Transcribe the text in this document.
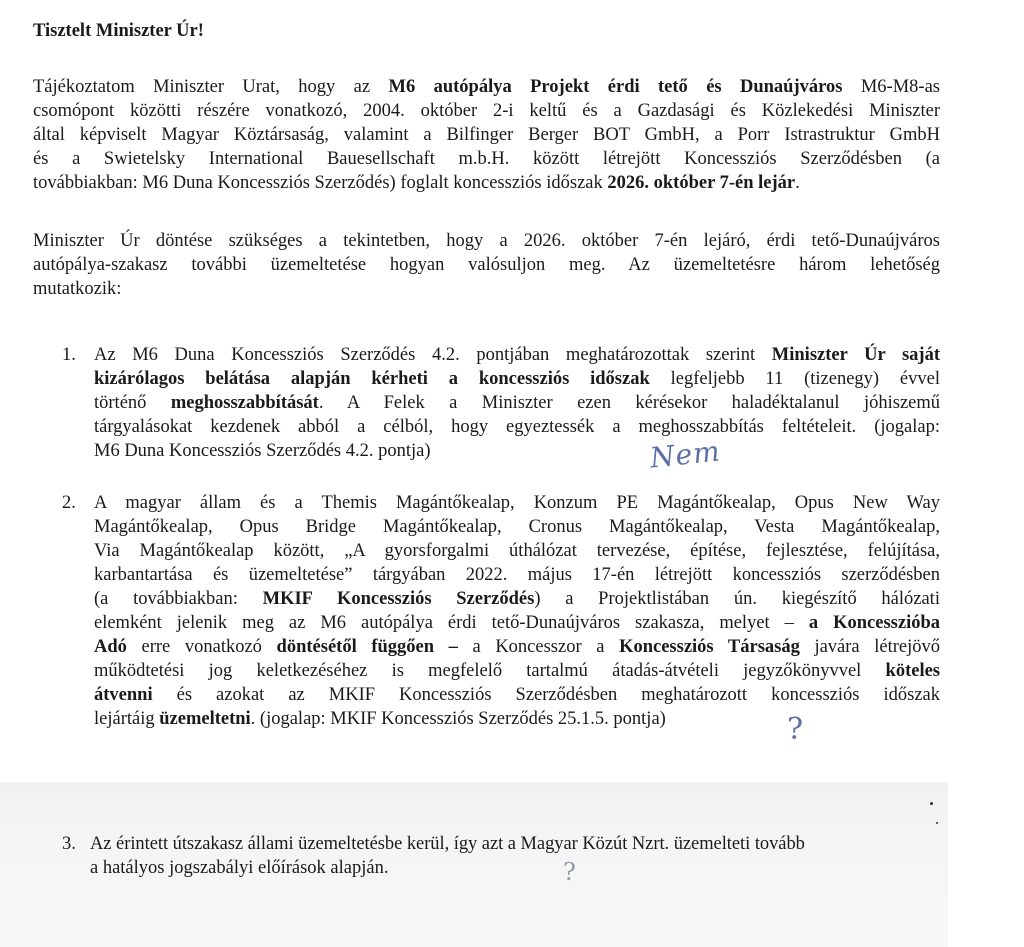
Tisztelt Miniszter Úr!
Tájékoztatom Miniszter Urat, hogy az M6 autópálya Projekt érdi tető és Dunaújváros M6-M8-as
csomópont közötti részére vonatkozó, 2004. október 2-i keltű és a Gazdasági és Közlekedési Miniszter
által képviselt Magyar Köztársaság, valamint a Bilfinger Berger BOT GmbH, a Porr Istrastruktur GmbH
és a Swietelsky International Bauesellschaft m.b.H. között létrejött Koncessziós Szerződésben (a
továbbiakban: M6 Duna Koncessziós Szerződés) foglalt koncessziós időszak 2026. október 7-én lejár.
Miniszter Úr döntése szükséges a tekintetben, hogy a 2026. október 7-én lejáró, érdi tető-Dunaújváros
autópálya-szakasz további üzemeltetése hogyan valósuljon meg. Az üzemeltetésre három lehetőség
mutatkozik:
1. Az M6 Duna Koncessziós Szerződés 4.2. pontjában meghatározottak szerint Miniszter Úr saját
kizárólagos belátása alapján kérheti a koncessziós időszak legfeljebb 11 (tizenegy) évvel
történő meghosszabbítását. A Felek a Miniszter ezen kérésekor haladéktalanul jóhiszemű
tárgyalásokat kezdenek abból a célból, hogy egyeztessék a meghosszabbítás feltételeit. (jogalap:
M6 Duna Koncessziós Szerződés 4.2. pontja)	Nem
2. A magyar állam és a Themis Magántőkealap, Konzum PE Magántőkealap, Opus New Way
Magántőkealap, Opus Bridge Magántőkealap, Cronus Magántőkealap, Vesta Magántőkealap,
Via Magántőkealap között, „A gyorsforgalmi úthálózat tervezése, építése, fejlesztése, felújítása,
karbantartása és üzemeltetése” tárgyában 2022. május 17-én létrejött koncessziós szerződésben
(a továbbiakban: MKIF Koncessziós Szerződés) a Projektlistában ún. kiegészítő hálózati
elemként jelenik meg az M6 autópálya érdi tető-Dunaújváros szakasza, melyet – a Koncesszióba
Adó erre vonatkozó döntésétől függően – a Koncesszor a Koncessziós Társaság javára létrejövő
működtetési jog keletkezéséhez is megfelelő tartalmú átadás-átvételi jegyzőkönyvvel köteles
átvenni és azokat az MKIF Koncessziós Szerződésben meghatározott koncessziós időszak
lejártáig üzemeltetni. (jogalap: MKIF Koncessziós Szerződés 25.1.5. pontja)	?
3. Az érintett útszakasz állami üzemeltetésbe kerül, így azt a Magyar Közút Nzrt. üzemelteti tovább
a hatályos jogszabályi előírások alapján.	?
